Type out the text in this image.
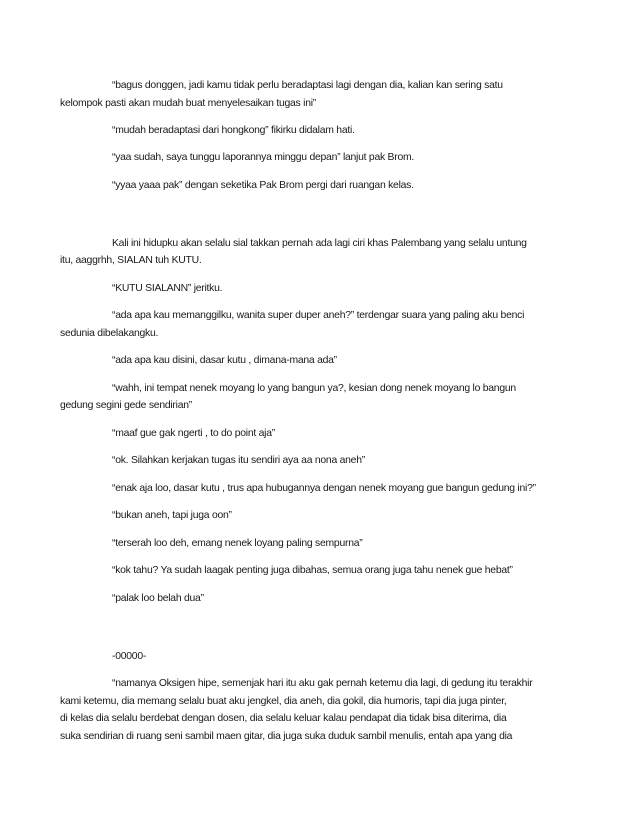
“bagus donggen, jadi kamu tidak perlu beradaptasi lagi dengan dia, kalian kan sering satu

kelompok pasti akan mudah buat menyelesaikan tugas ini”

“mudah beradaptasi dari hongkong” fikirku didalam hati.

“yaa sudah, saya tunggu laporannya minggu depan” lanjut pak Brom.

“yyaa yaaa pak” dengan seketika Pak Brom pergi dari ruangan kelas.

Kali ini hidupku akan selalu sial takkan pernah ada lagi ciri khas Palembang yang selalu untung

itu, aaggrhh, SIALAN tuh KUTU.

“KUTU SIALANN” jeritku.

“ada apa kau memanggilku, wanita super duper aneh?” terdengar suara yang paling aku benci

sedunia dibelakangku.

“ada apa kau disini, dasar kutu , dimana-mana ada”

“wahh, ini tempat nenek moyang lo yang bangun ya?, kesian dong nenek moyang lo bangun

gedung segini gede sendirian”

“maaf gue gak ngerti , to do point aja”

“ok. Silahkan kerjakan tugas itu sendiri aya aa nona aneh”

“enak aja loo, dasar kutu , trus apa hubugannya dengan nenek moyang gue bangun gedung ini?”

“bukan aneh, tapi juga oon”

“terserah loo deh, emang nenek loyang paling sempurna”

“kok tahu? Ya sudah laagak penting juga dibahas, semua orang juga tahu nenek gue hebat”

“palak loo belah dua”

-00000-

“namanya Oksigen hipe, semenjak hari itu aku gak pernah ketemu dia lagi, di gedung itu terakhir

kami ketemu, dia memang selalu buat aku jengkel, dia aneh, dia gokil, dia humoris, tapi dia juga pinter,

di kelas dia selalu berdebat dengan dosen, dia selalu keluar kalau pendapat dia tidak bisa diterima, dia

suka sendirian di ruang seni sambil maen gitar, dia juga suka duduk sambil menulis, entah apa yang dia
